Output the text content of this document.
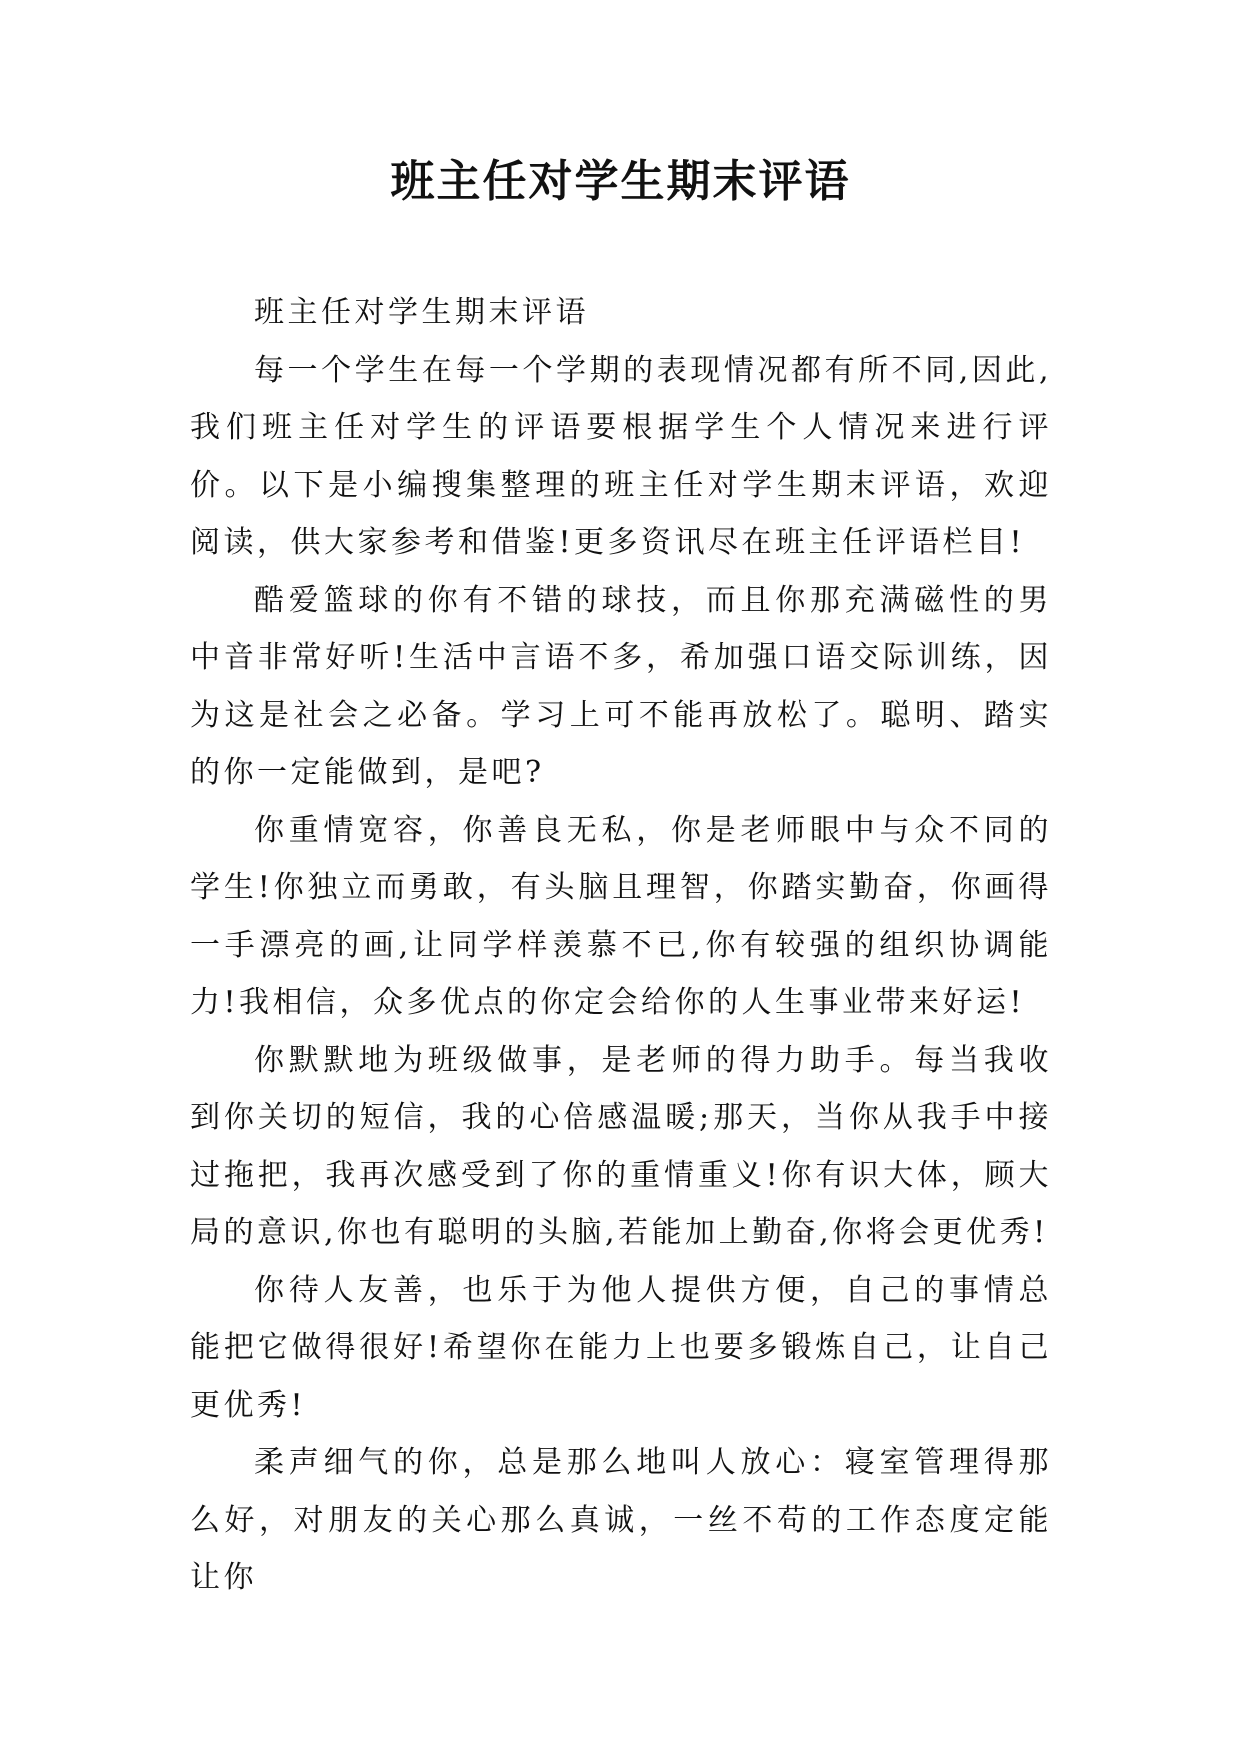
班主任对学生期末评语

班主任对学生期末评语

每一个学生在每一个学期的表现情况都有所不同,因此,我们班主任对学生的评语要根据学生个人情况来进行评价。以下是小编搜集整理的班主任对学生期末评语，欢迎阅读，供大家参考和借鉴!更多资讯尽在班主任评语栏目!

酷爱篮球的你有不错的球技，而且你那充满磁性的男中音非常好听!生活中言语不多，希加强口语交际训练，因为这是社会之必备。学习上可不能再放松了。聪明、踏实的你一定能做到，是吧?

你重情宽容，你善良无私，你是老师眼中与众不同的学生!你独立而勇敢，有头脑且理智，你踏实勤奋，你画得一手漂亮的画,让同学样羡慕不已,你有较强的组织协调能力!我相信，众多优点的你定会给你的人生事业带来好运!

你默默地为班级做事，是老师的得力助手。每当我收到你关切的短信，我的心倍感温暖;那天，当你从我手中接过拖把，我再次感受到了你的重情重义!你有识大体，顾大局的意识,你也有聪明的头脑,若能加上勤奋,你将会更优秀!

你待人友善，也乐于为他人提供方便，自己的事情总能把它做得很好!希望你在能力上也要多锻炼自己，让自己更优秀!

柔声细气的你，总是那么地叫人放心：寝室管理得那么好，对朋友的关心那么真诚，一丝不苟的工作态度定能让你
